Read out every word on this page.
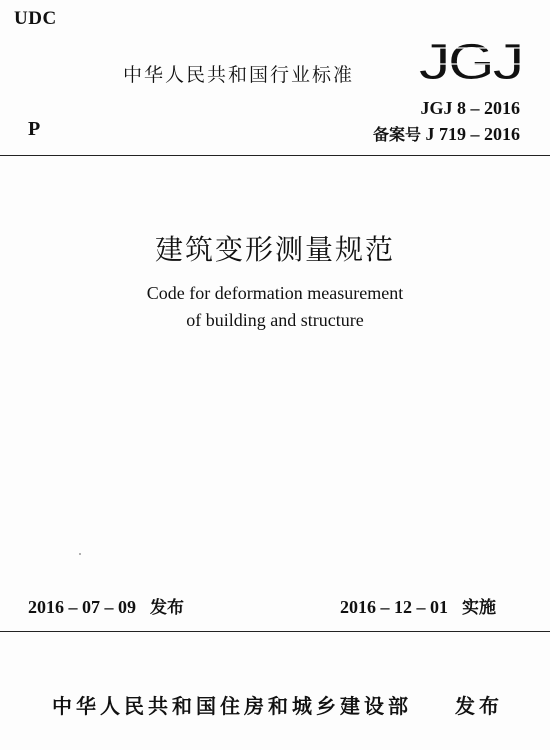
UDC
中华人民共和国行业标准 JGJ
P
JGJ 8 – 2016
备案号 J 719 – 2016
建筑变形测量规范
Code for deformation measurement
of building and structure
2016 – 07 – 09 发布	2016 – 12 – 01 实施
中华人民共和国住房和城乡建设部 发布
